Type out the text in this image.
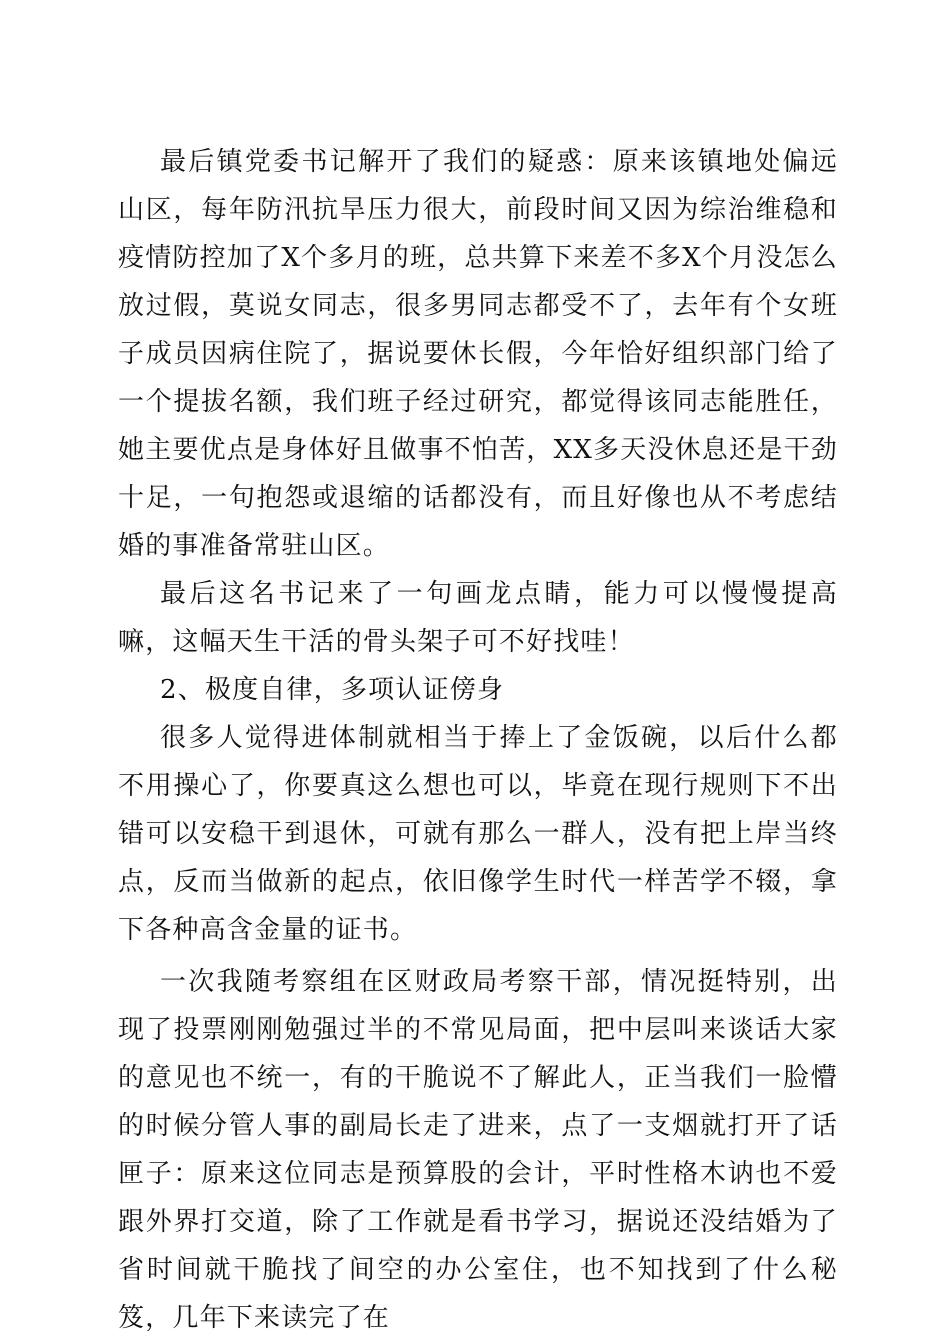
最后镇党委书记解开了我们的疑惑：原来该镇地处偏远山区，每年防汛抗旱压力很大，前段时间又因为综治维稳和疫情防控加了X个多月的班，总共算下来差不多X个月没怎么放过假，莫说女同志，很多男同志都受不了，去年有个女班子成员因病住院了，据说要休长假，今年恰好组织部门给了一个提拔名额，我们班子经过研究，都觉得该同志能胜任，她主要优点是身体好且做事不怕苦，XX多天没休息还是干劲十足，一句抱怨或退缩的话都没有，而且好像也从不考虑结婚的事准备常驻山区。

最后这名书记来了一句画龙点睛，能力可以慢慢提高嘛，这幅天生干活的骨头架子可不好找哇！

2、极度自律，多项认证傍身

很多人觉得进体制就相当于捧上了金饭碗，以后什么都不用操心了，你要真这么想也可以，毕竟在现行规则下不出错可以安稳干到退休，可就有那么一群人，没有把上岸当终点，反而当做新的起点，依旧像学生时代一样苦学不辍，拿下各种高含金量的证书。

一次我随考察组在区财政局考察干部，情况挺特别，出现了投票刚刚勉强过半的不常见局面，把中层叫来谈话大家的意见也不统一，有的干脆说不了解此人，正当我们一脸懵的时候分管人事的副局长走了进来，点了一支烟就打开了话匣子：原来这位同志是预算股的会计，平时性格木讷也不爱跟外界打交道，除了工作就是看书学习，据说还没结婚为了省时间就干脆找了间空的办公室住，也不知找到了什么秘笈，几年下来读完了在
